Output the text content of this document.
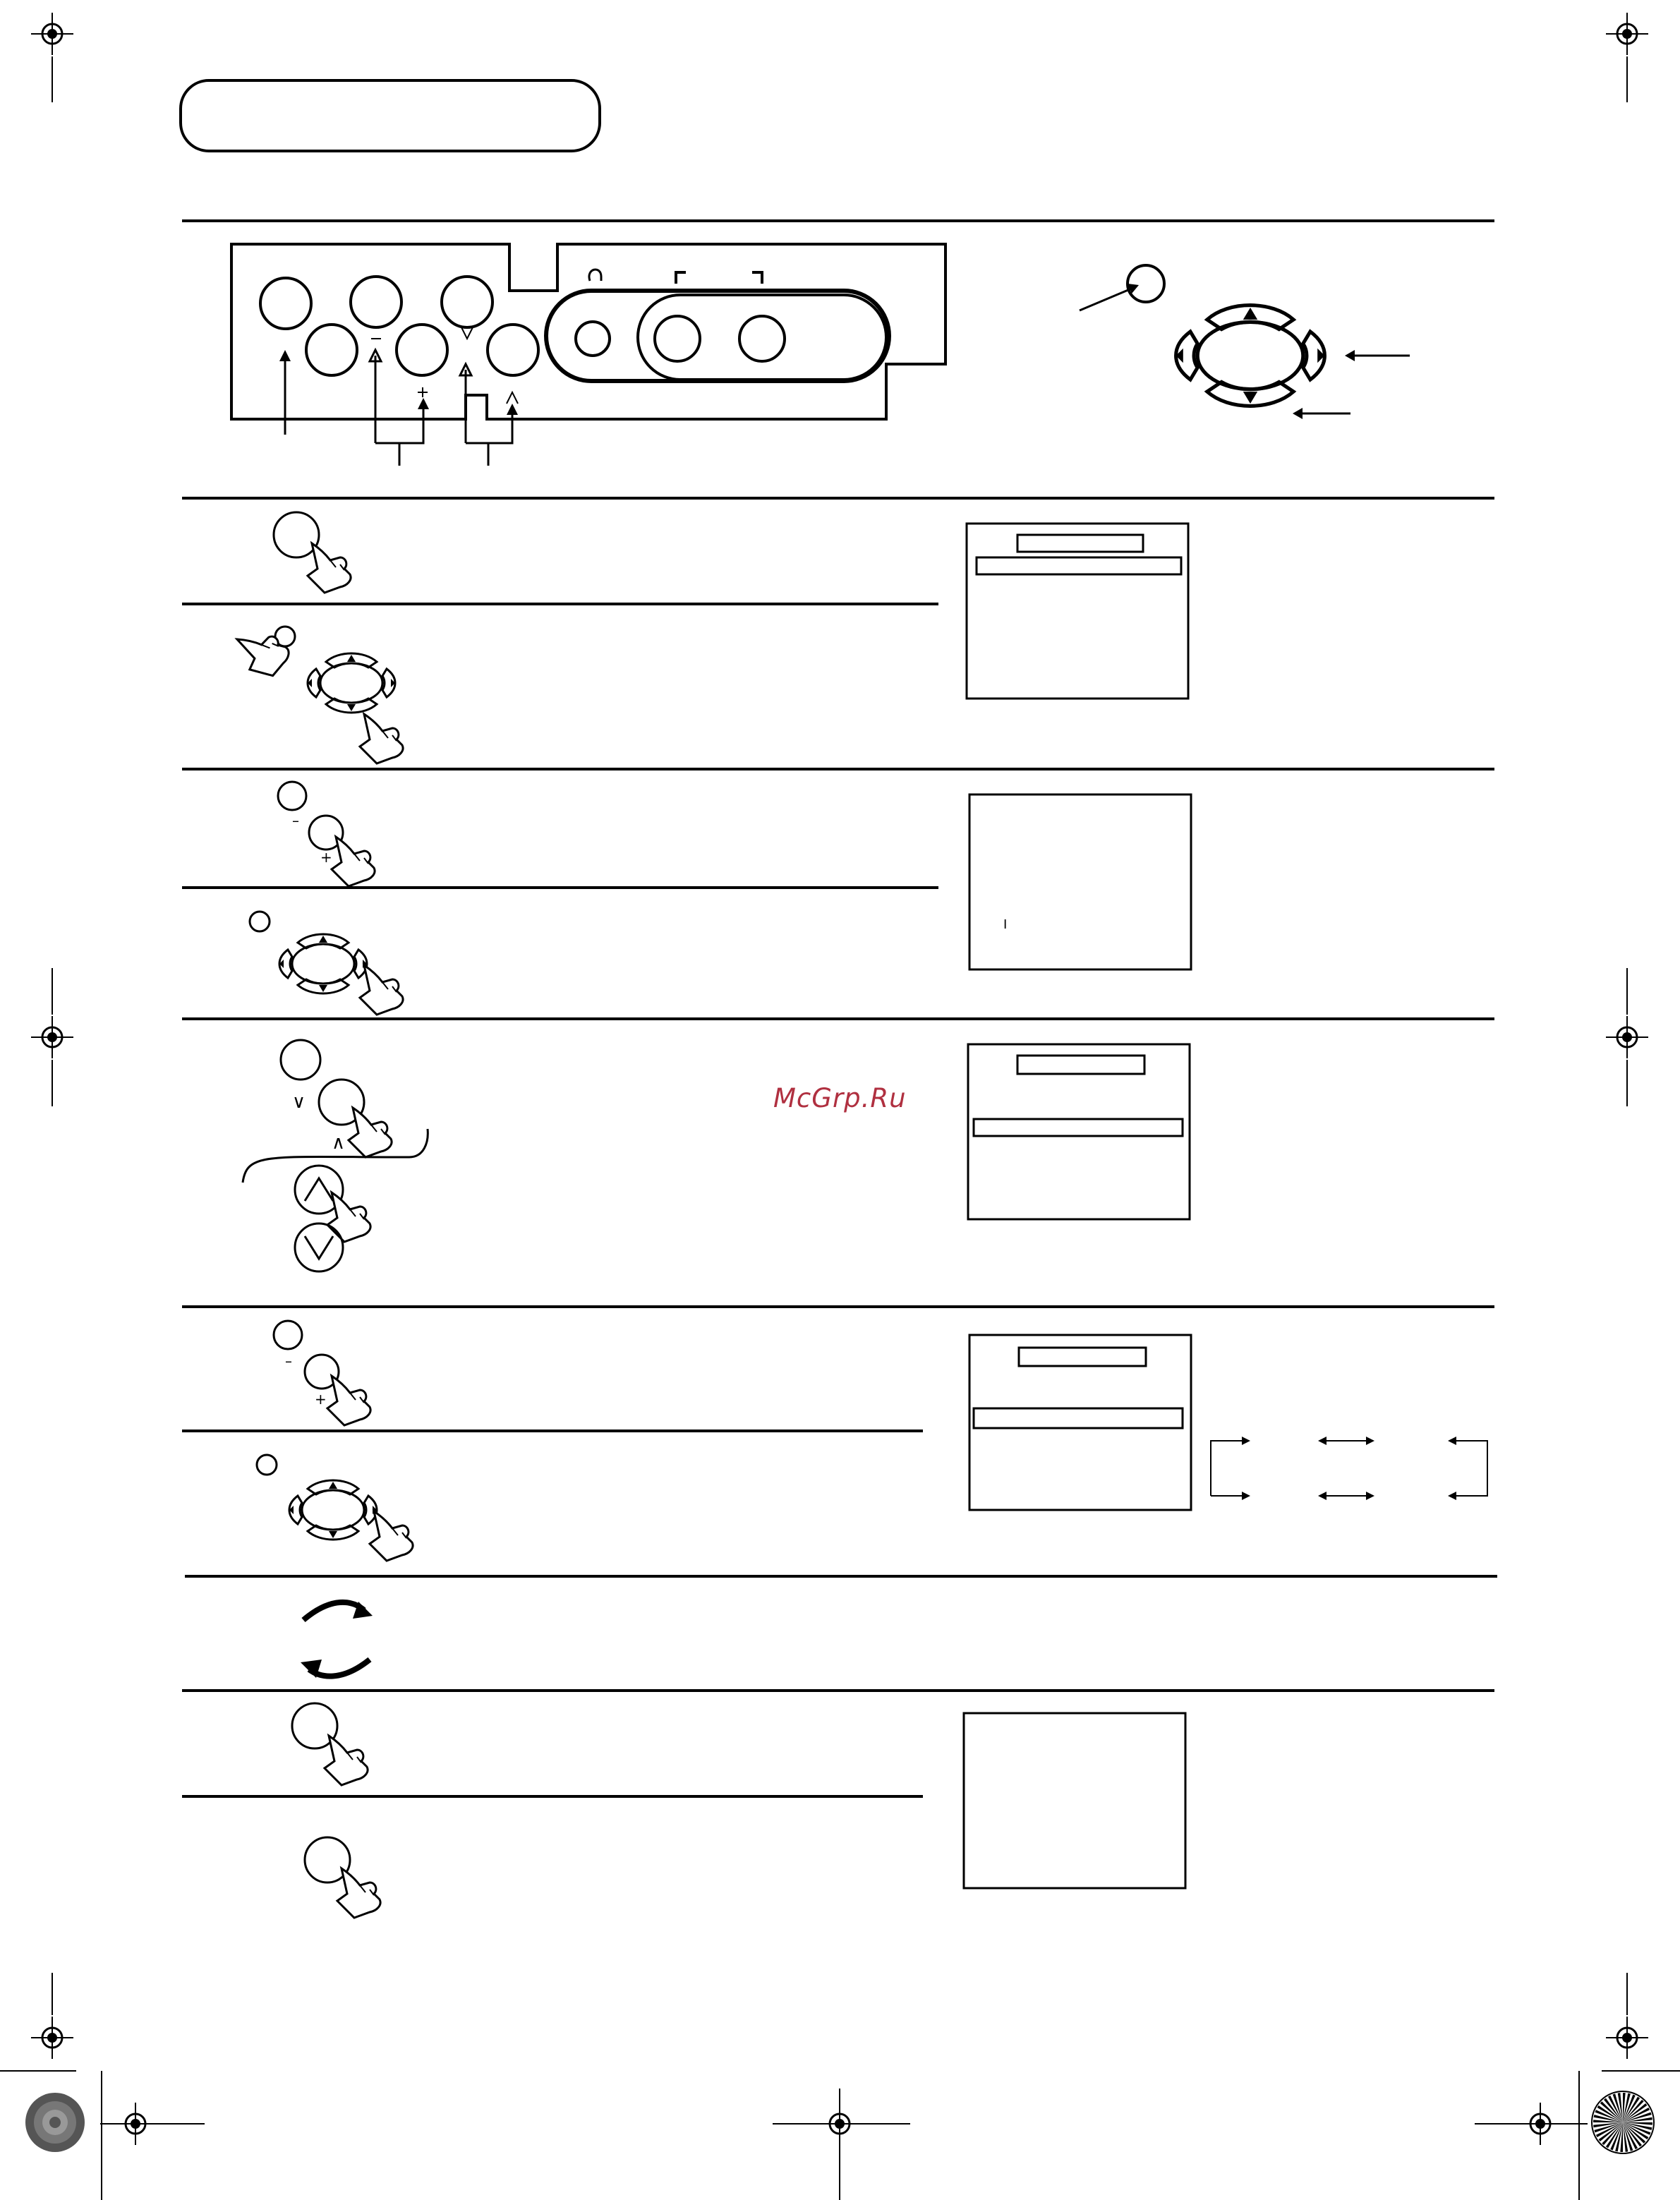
McGrp.Ru
–
+
I
∨
∧
–
+
